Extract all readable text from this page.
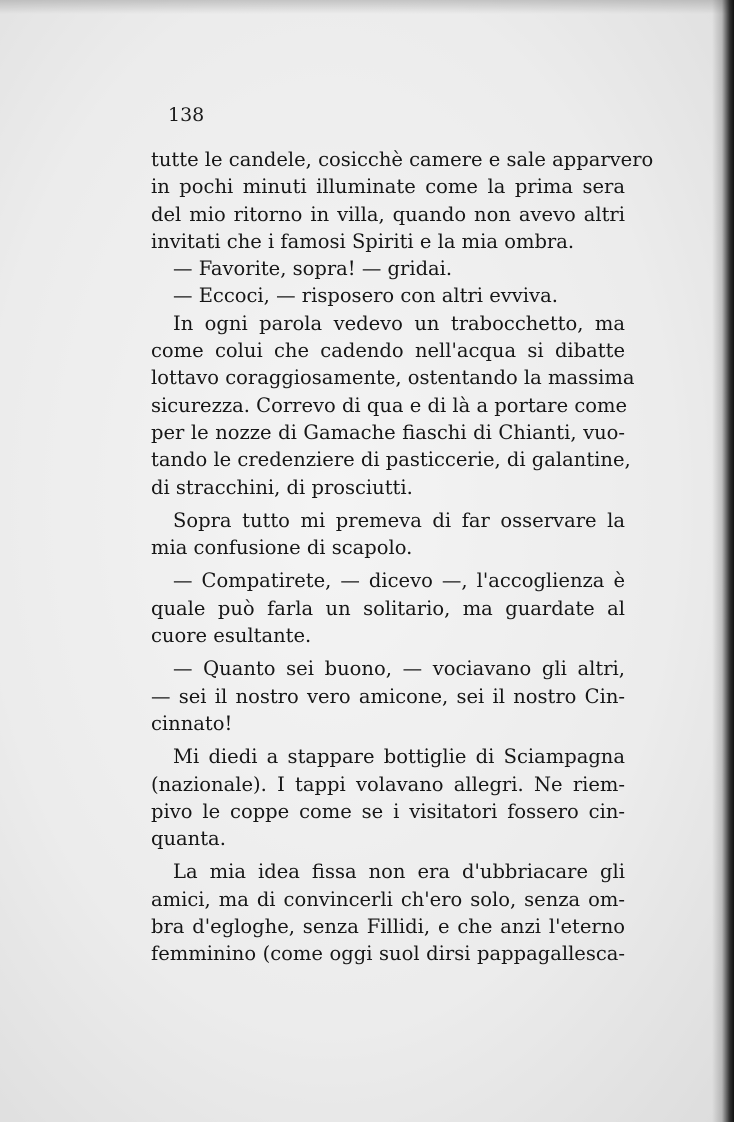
138

tutte le candele, cosicchè camere e sale apparvero
in pochi minuti illuminate come la prima sera
del mio ritorno in villa, quando non avevo altri
invitati che i famosi Spiriti e la mia ombra.
— Favorite, sopra! — gridai.
— Eccoci, — risposero con altri evviva.
In ogni parola vedevo un trabocchetto, ma
come colui che cadendo nell'acqua si dibatte
lottavo coraggiosamente, ostentando la massima
sicurezza. Correvo di qua e di là a portare come
per le nozze di Gamache fiaschi di Chianti, vuo-
tando le credenziere di pasticcerie, di galantine,
di stracchini, di prosciutti.
Sopra tutto mi premeva di far osservare la
mia confusione di scapolo.
— Compatirete, — dicevo —, l'accoglienza è
quale può farla un solitario, ma guardate al
cuore esultante.
— Quanto sei buono, — vociavano gli altri,
— sei il nostro vero amicone, sei il nostro Cin-
cinnato!
Mi diedi a stappare bottiglie di Sciampagna
(nazionale). I tappi volavano allegri. Ne riem-
pivo le coppe come se i visitatori fossero cin-
quanta.
La mia idea fissa non era d'ubbriacare gli
amici, ma di convincerli ch'ero solo, senza om-
bra d'egloghe, senza Fillidi, e che anzi l'eterno
femminino (come oggi suol dirsi pappagallesca-
